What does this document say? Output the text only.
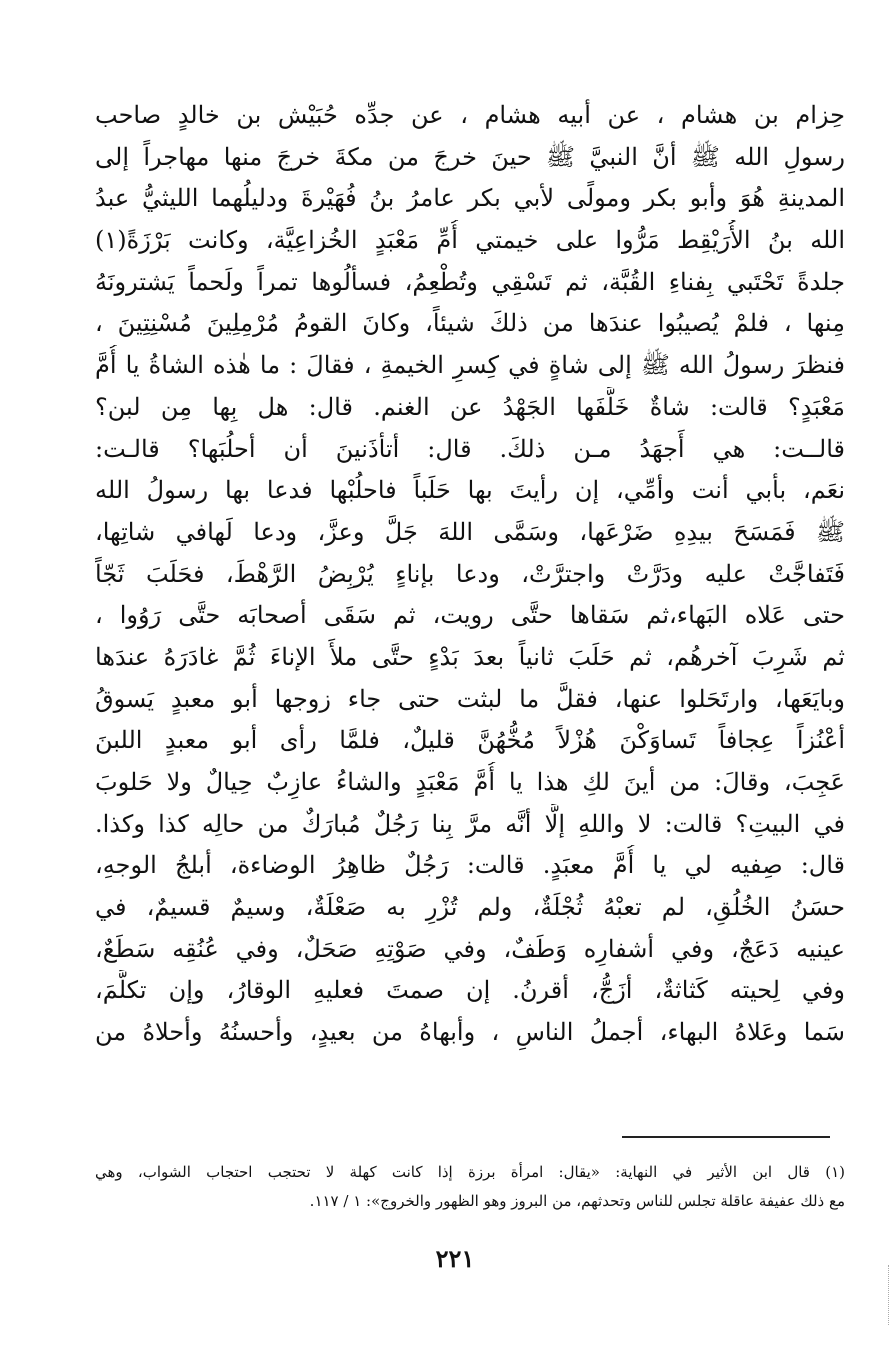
حِزام بن هشام ، عن أبيه هشام ، عن جدِّه حُبَيْش بن خالدٍ صاحب
رسولِ الله ﷺ أنَّ النبيَّ ﷺ حينَ خرجَ من مكةَ خرجَ منها مهاجراً إلى
المدينةِ هُوَ وأبو بكر ومولًى لأبي بكر عامرُ بنُ فُهَيْرةَ ودليلُهما الليثيُّ عبدُ
الله بنُ الأُرَيْقِط مَرُّوا على خيمتي أُمِّ مَعْبَدٍ الخُزاعِيَّة، وكانت بَرْزَةً(١)
جلدةً تَحْتَبي بِفناءِ القُبَّة، ثم تَسْقِي وتُطْعِمُ، فسألُوها تمراً ولَحماً يَشترونَهُ
مِنها ، فلمْ يُصيبُوا عندَها من ذلكَ شيئاً، وكانَ القومُ مُرْمِلِينَ مُسْنِتِينَ ،
فنظرَ رسولُ الله ﷺ إلى شاةٍ في كِسرِ الخيمةِ ، فقالَ : ما هٰذه الشاةُ يا أُمَّ
مَعْبَدٍ؟ قالت: شاةٌ خَلَّفَها الجَهْدُ عن الغنم. قال: هل بِها مِن لبن؟
قالــت: هي أَجهَدُ مـن ذلكَ. قال: أتأذَنينَ أن أحلُبَها؟ قالـت:
نعَم، بأبي أنت وأمِّي، إن رأيتَ بها حَلَباً فاحلُبْها فدعا بها رسولُ الله
ﷺ فَمَسَحَ بيدِهِ ضَرْعَها، وسَمَّى اللهَ جَلَّ وعزَّ، ودعا لَهافي شاتِها،
فَتَفاجَّتْ عليه ودَرَّتْ واجترَّتْ، ودعا بإناءٍ يُرْبِضُ الرَّهْطَ، فحَلَبَ ثَجّاً
حتى عَلاه البَهاء،ثم سَقاها حتَّى رويت، ثم سَقَى أصحابَه حتَّى رَوُوا ،
ثم شَرِبَ آخرهُم، ثم حَلَبَ ثانياً بعدَ بَدْءٍ حتَّى ملأَ الإناءَ ثُمَّ غادَرَهُ عندَها
وبايَعَها، وارتَحَلوا عنها، فقلَّ ما لبثت حتى جاء زوجها أبو معبدٍ يَسوقُ
أعْنُزاً عِجافاً تَساوَكْنَ هُزْلاً مُخُّهُنَّ قليلٌ، فلمَّا رأى أبو معبدٍ اللبنَ
عَجِبَ، وقالَ: من أينَ لكِ هذا يا أُمَّ مَعْبَدٍ والشاءُ عازِبٌ حِيالٌ ولا حَلوبَ
في البيتِ؟ قالت: لا واللهِ إلَّا أنَّه مرَّ بِنا رَجُلٌ مُبارَكٌ من حالِه كذا وكذا.
قال: صِفيه لي يا أُمَّ معبَدٍ. قالت: رَجُلٌ ظاهِرُ الوضاءة، أبلجُ الوجهِ،
حسَنُ الخُلُقِ، لم تعبْهُ ثُجْلَةٌ، ولم تُزْرِ به صَعْلَةٌ، وسيمٌ قسيمٌ، في
عينيه دَعَجٌ، وفي أشفارِه وَطَفٌ، وفي صَوْتِهِ صَحَلٌ، وفي عُنُقِه سَطَعٌ،
وفي لِحيته كَثاثةٌ، أزَجُّ، أقرنُ. إن صمتَ فعليهِ الوقارُ، وإن تكلَّمَ،
سَما وعَلاهُ البهاء، أجملُ الناسِ ، وأبهاهُ من بعيدٍ، وأحسنُهُ وأحلاهُ من
(١) قال ابن الأثير في النهاية: «يقال: امرأة برزة إذا كانت كهلة لا تحتجب احتجاب الشواب، وهي
مع ذلك عفيفة عاقلة تجلس للناس وتحدثهم، من البروز وهو الظهور والخروج»: ١ / ١١٧.
٢٢١
